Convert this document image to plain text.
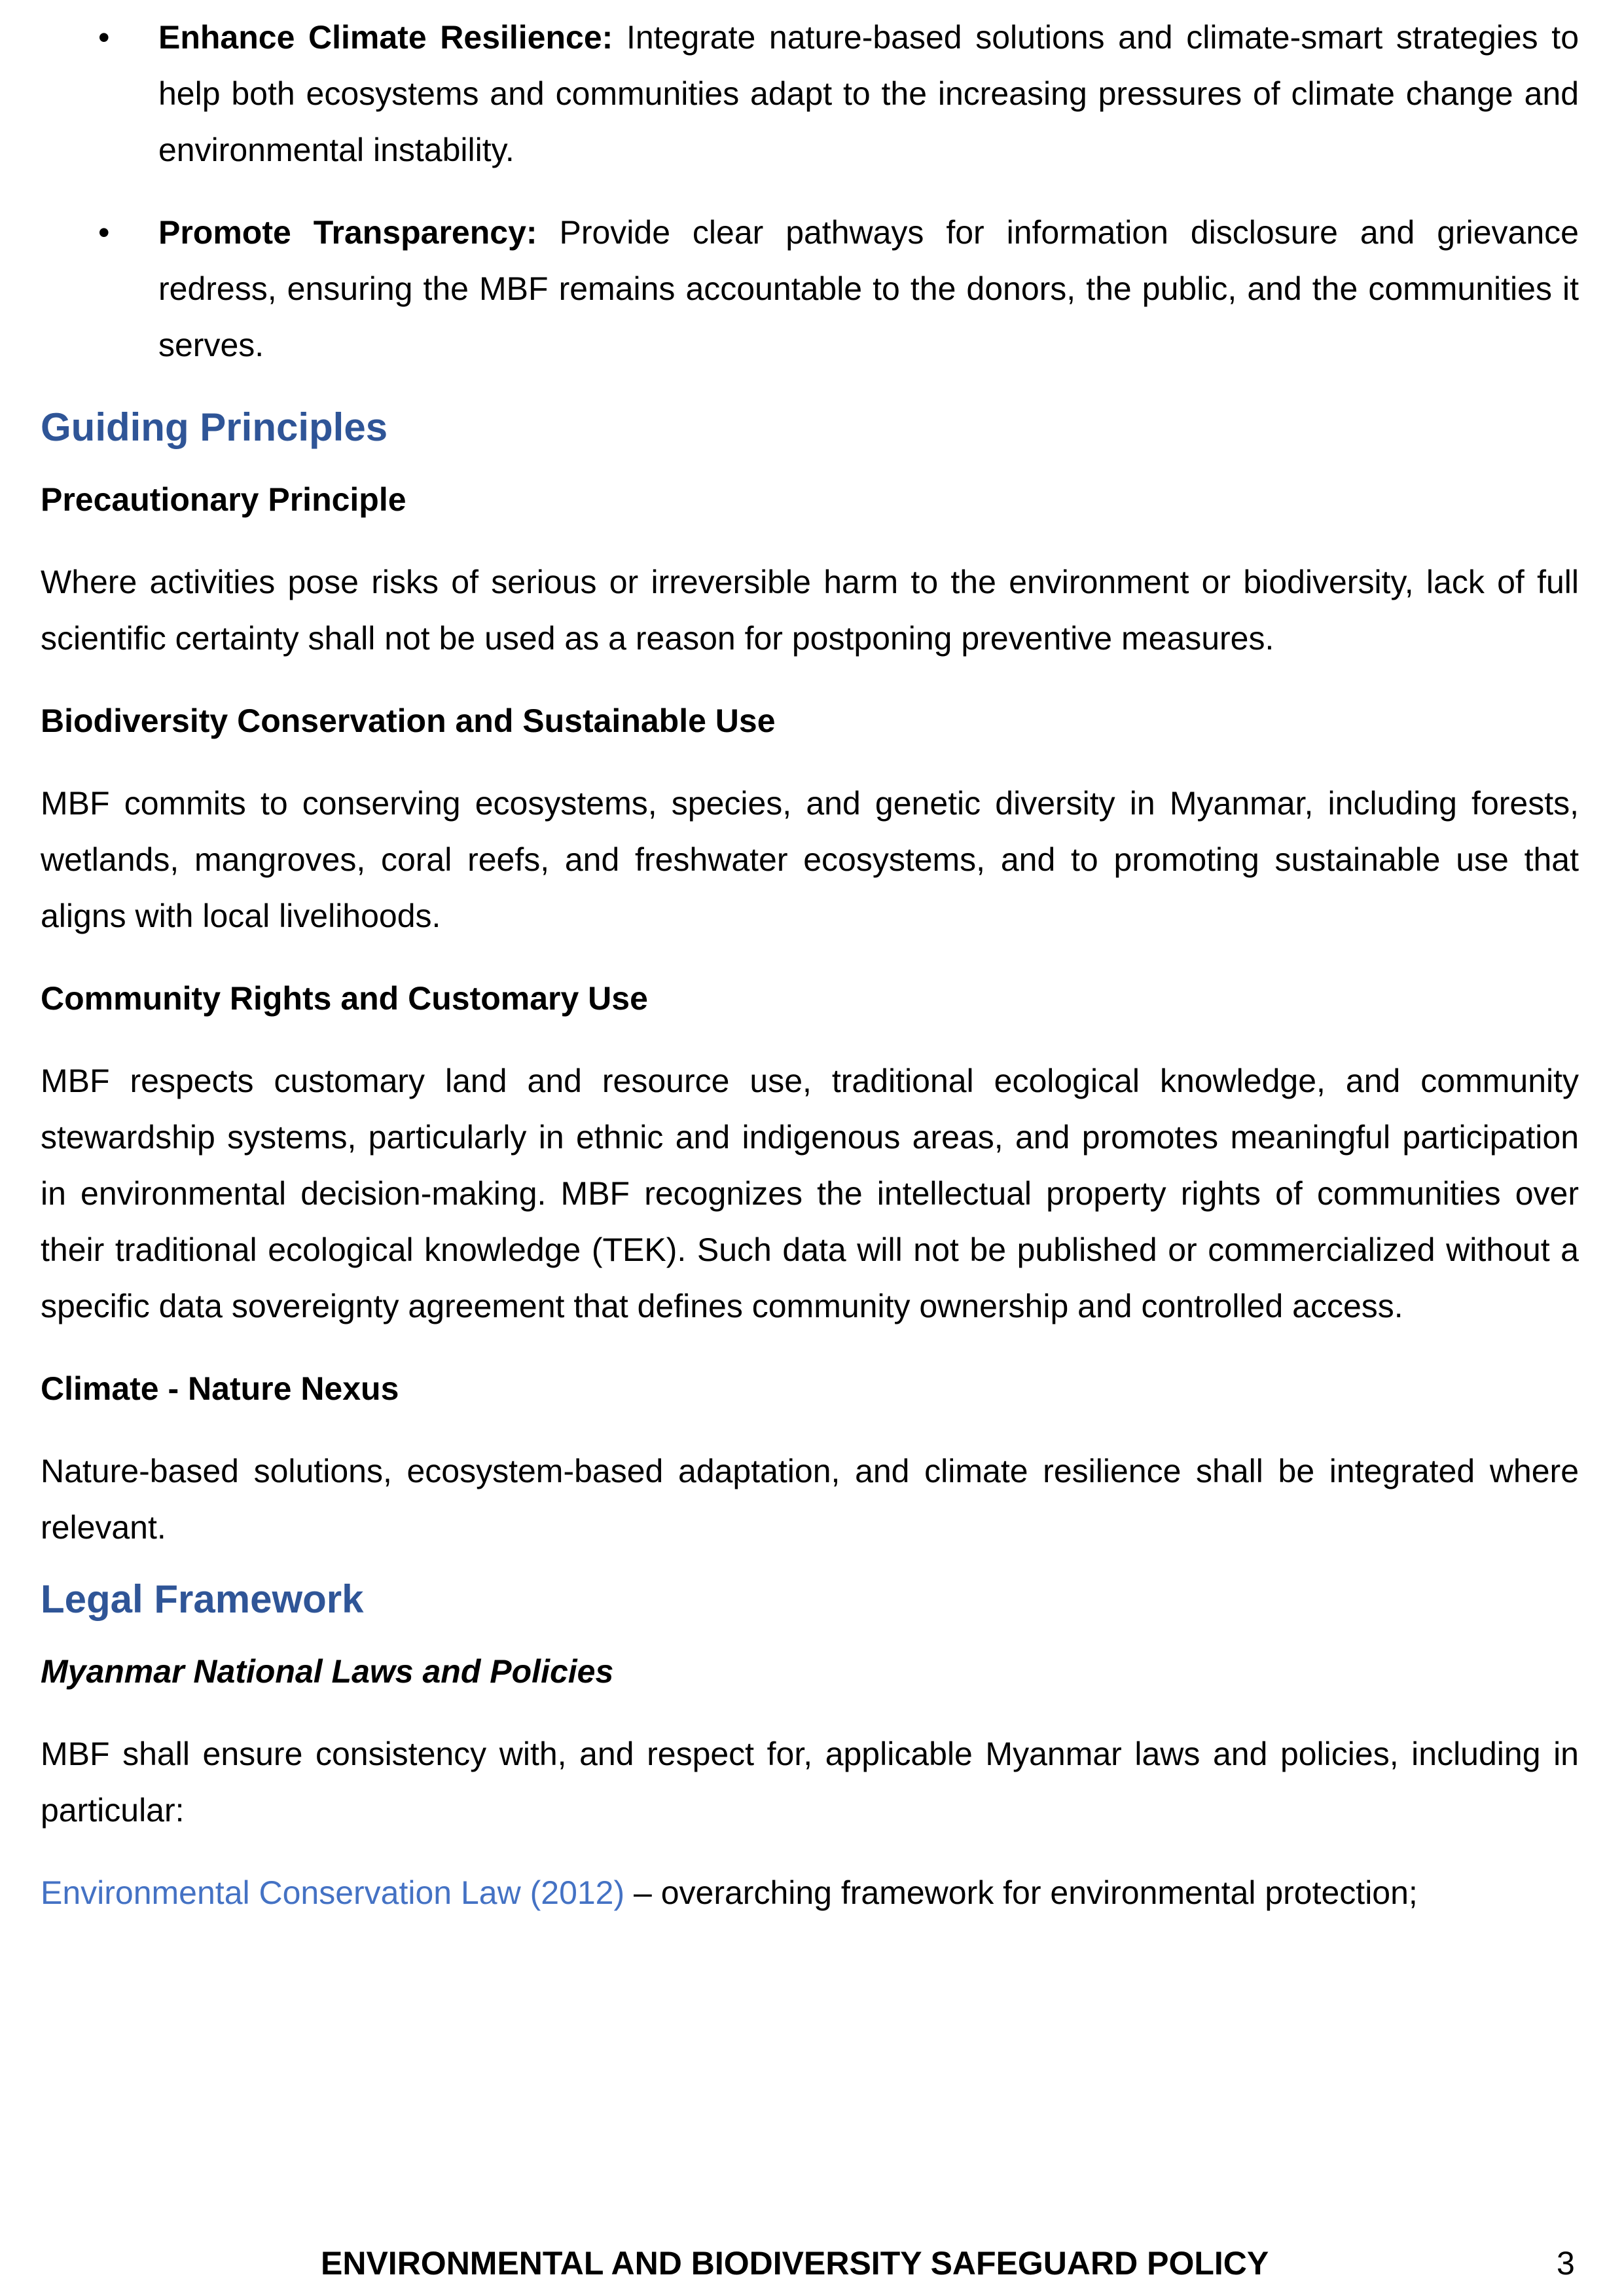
• Enhance Climate Resilience: Integrate nature-based solutions and climate-smart strategies to help both ecosystems and communities adapt to the increasing pressures of climate change and environmental instability.

• Promote Transparency: Provide clear pathways for information disclosure and grievance redress, ensuring the MBF remains accountable to the donors, the public, and the communities it serves.

Guiding Principles
Precautionary Principle

Where activities pose risks of serious or irreversible harm to the environment or biodiversity, lack of full scientific certainty shall not be used as a reason for postponing preventive measures.

Biodiversity Conservation and Sustainable Use

MBF commits to conserving ecosystems, species, and genetic diversity in Myanmar, including forests, wetlands, mangroves, coral reefs, and freshwater ecosystems, and to promoting sustainable use that aligns with local livelihoods.

Community Rights and Customary Use

MBF respects customary land and resource use, traditional ecological knowledge, and community stewardship systems, particularly in ethnic and indigenous areas, and promotes meaningful participation in environmental decision-making. MBF recognizes the intellectual property rights of communities over their traditional ecological knowledge (TEK). Such data will not be published or commercialized without a specific data sovereignty agreement that defines community ownership and controlled access.

Climate - Nature Nexus

Nature-based solutions, ecosystem-based adaptation, and climate resilience shall be integrated where relevant.

Legal Framework
Myanmar National Laws and Policies

MBF shall ensure consistency with, and respect for, applicable Myanmar laws and policies, including in particular:

Environmental Conservation Law (2012) – overarching framework for environmental protection;

ENVIRONMENTAL AND BIODIVERSITY SAFEGUARD POLICY	3
